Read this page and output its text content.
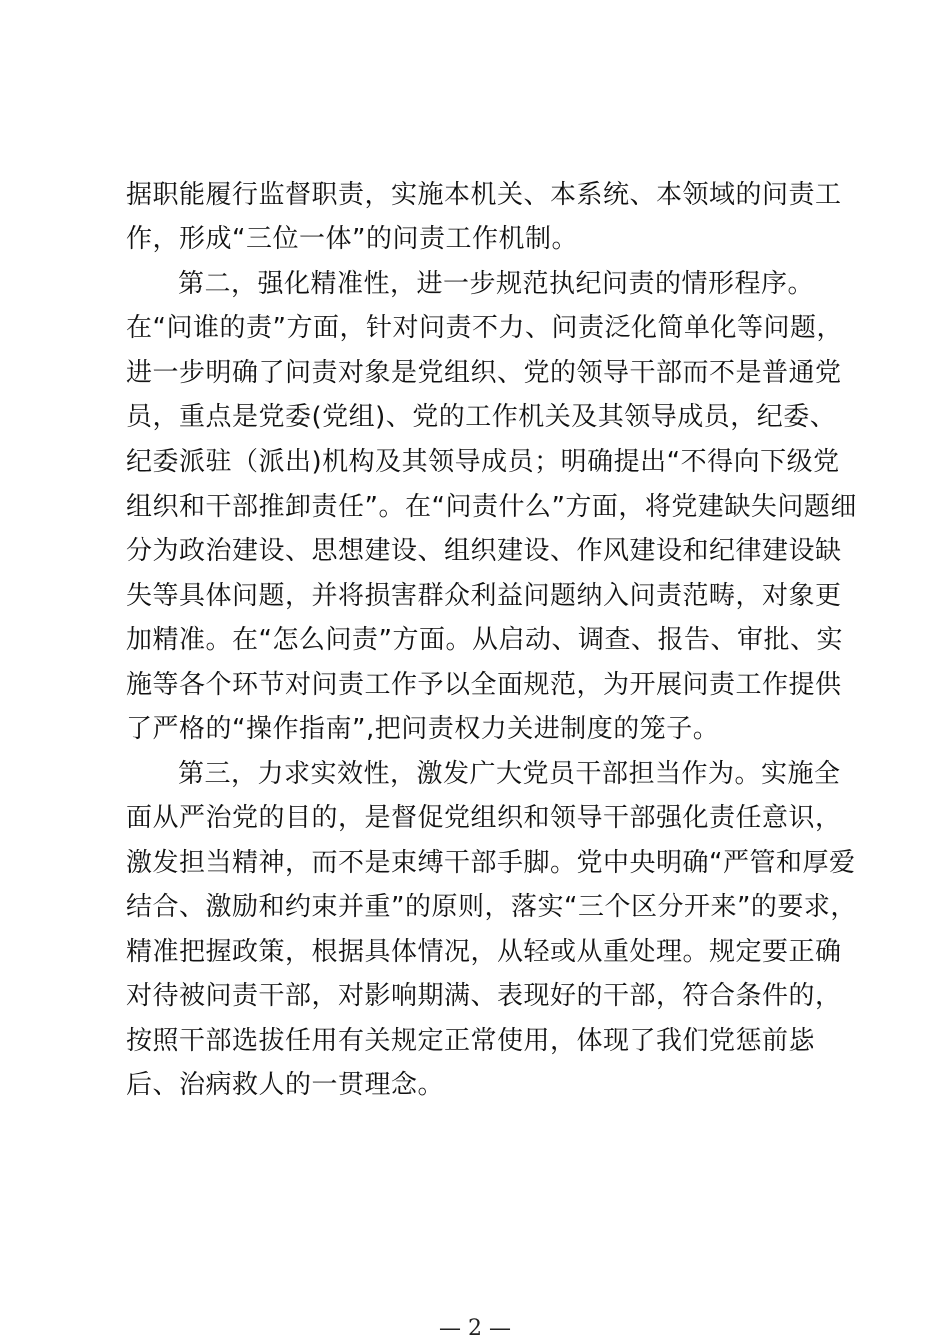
据职能履行监督职责，实施本机关、本系统、本领域的问责工
作，形成“三位一体”的问责工作机制。
第二，强化精准性，进一步规范执纪问责的情形程序。
在“问谁的责”方面，针对问责不力、问责泛化简单化等问题，
进一步明确了问责对象是党组织、党的领导干部而不是普通党
员，重点是党委(党组)、党的工作机关及其领导成员，纪委、
纪委派驻（派出)机构及其领导成员；明确提出“不得向下级党
组织和干部推卸责任”。在“问责什么”方面，将党建缺失问题细
分为政治建设、思想建设、组织建设、作风建设和纪律建设缺
失等具体问题，并将损害群众利益问题纳入问责范畴，对象更
加精准。在“怎么问责”方面。从启动、调查、报告、审批、实
施等各个环节对问责工作予以全面规范，为开展问责工作提供
了严格的“操作指南”,把问责权力关进制度的笼子。
第三，力求实效性，激发广大党员干部担当作为。实施全
面从严治党的目的，是督促党组织和领导干部强化责任意识，
激发担当精神，而不是束缚干部手脚。党中央明确“严管和厚爱
结合、激励和约束并重”的原则，落实“三个区分开来”的要求，
精准把握政策，根据具体情况，从轻或从重处理。规定要正确
对待被问责干部，对影响期满、表现好的干部，符合条件的，
按照干部选拔任用有关规定正常使用，体现了我们党惩前毖
后、治病救人的一贯理念。
— 2 —
